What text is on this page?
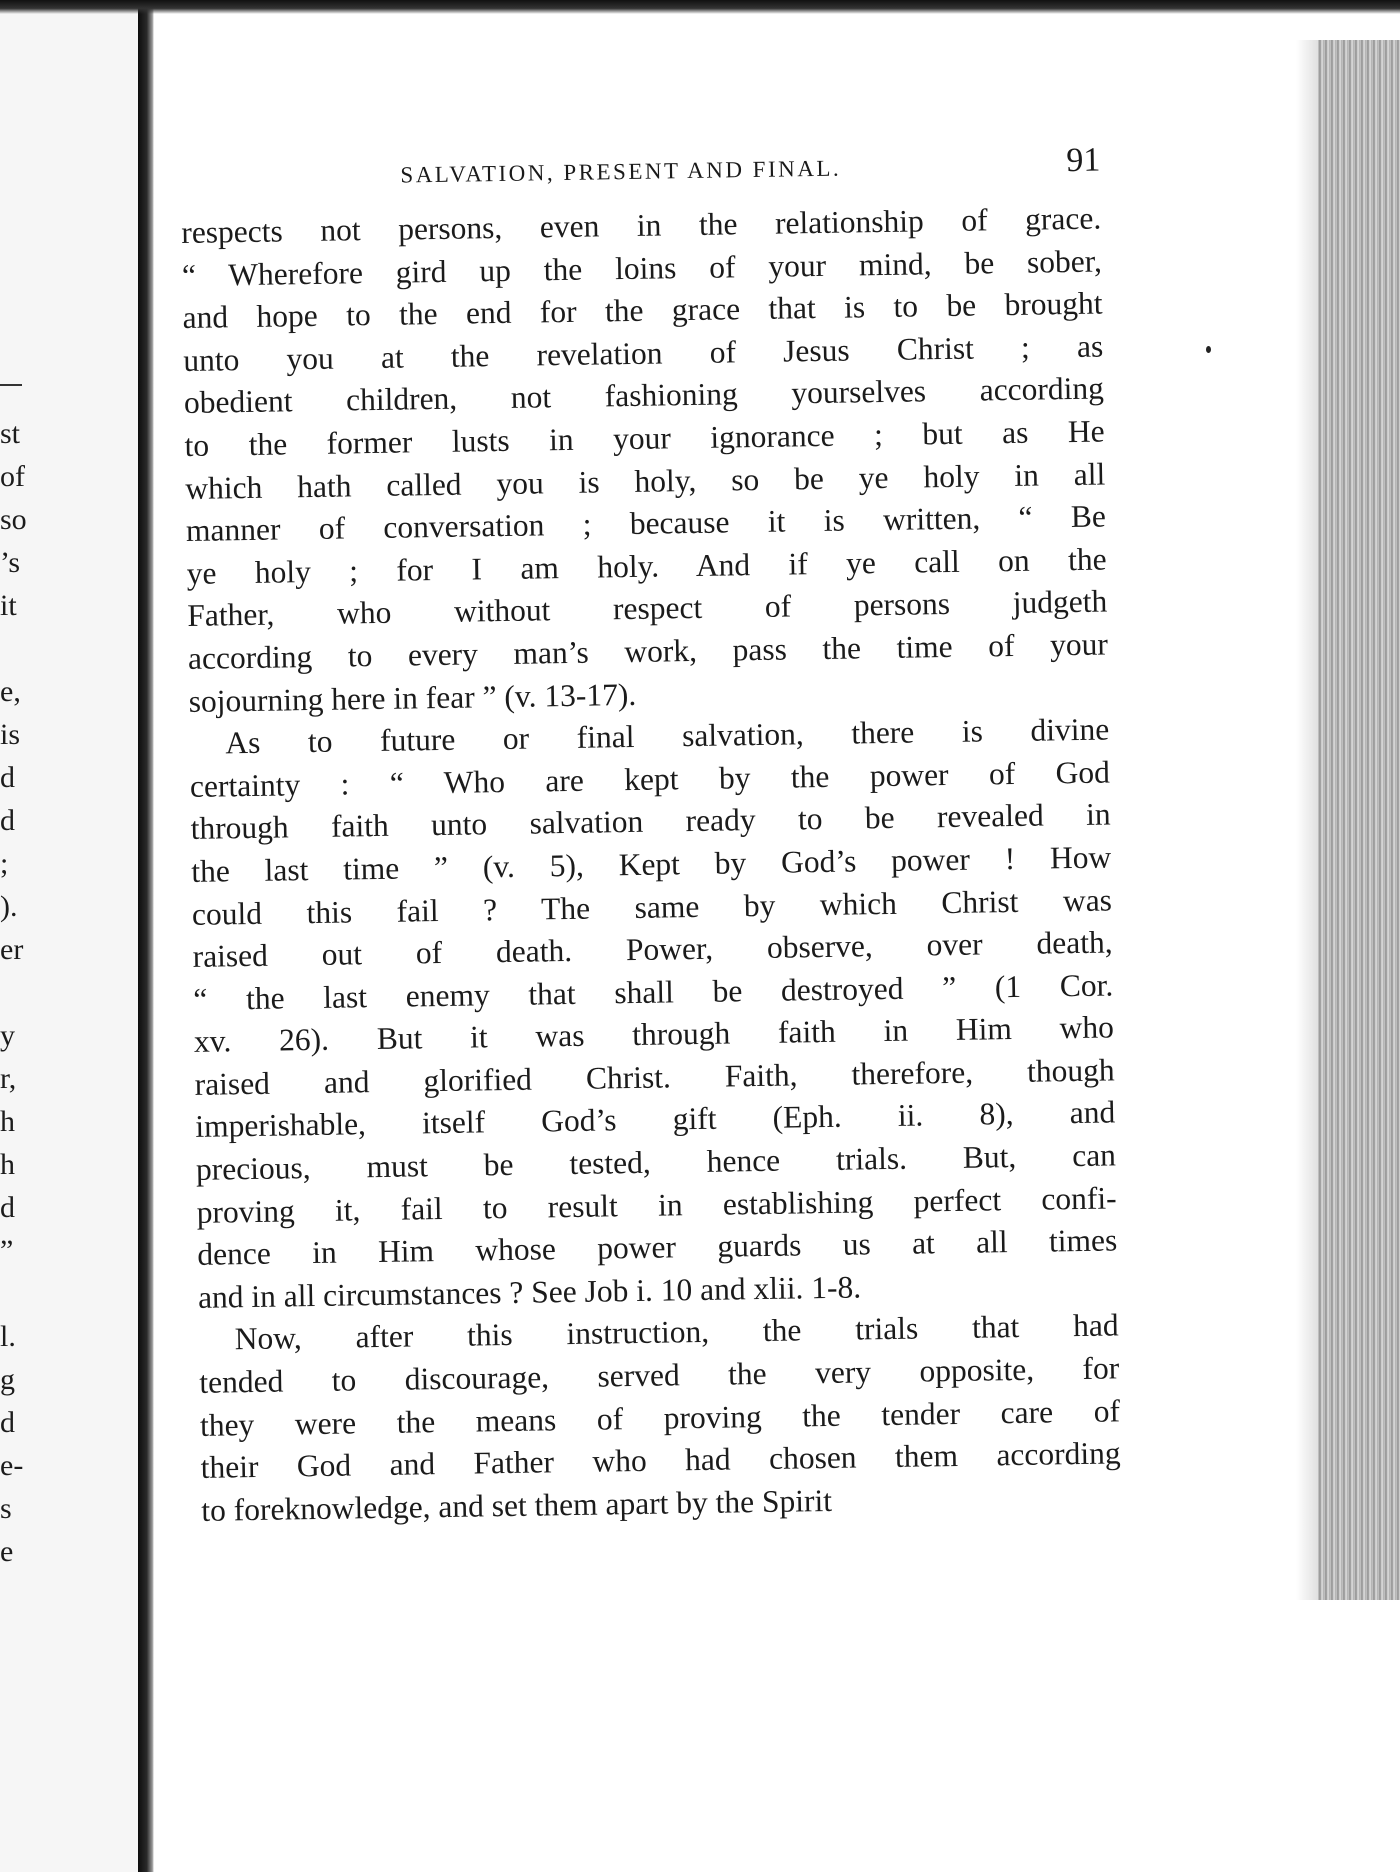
st
of
so
’s
it
e,
is
d
d
;
).
er
y
r,
h
h
d
”
l.
g
d
e-
s
e
SALVATION, PRESENT AND FINAL.	91
respects not persons, even in the relationship of grace.
“ Wherefore gird up the loins of your mind, be sober,
and hope to the end for the grace that is to be brought
unto you at the revelation of Jesus Christ ; as
obedient children, not fashioning yourselves according
to the former lusts in your ignorance ; but as He
which hath called you is holy, so be ye holy in all
manner of conversation ; because it is written, “ Be
ye holy ; for I am holy. And if ye call on the
Father, who without respect of persons judgeth
according to every man’s work, pass the time of your
sojourning here in fear ” (v. 13-17).
As to future or final salvation, there is divine
certainty : “ Who are kept by the power of God
through faith unto salvation ready to be revealed in
the last time ” (v. 5), Kept by God’s power ! How
could this fail ? The same by which Christ was
raised out of death. Power, observe, over death,
“ the last enemy that shall be destroyed ” (1 Cor.
xv. 26). But it was through faith in Him who
raised and glorified Christ. Faith, therefore, though
imperishable, itself God’s gift (Eph. ii. 8), and
precious, must be tested, hence trials. But, can
proving it, fail to result in establishing perfect confi-
dence in Him whose power guards us at all times
and in all circumstances ? See Job i. 10 and xlii. 1-8.
Now, after this instruction, the trials that had
tended to discourage, served the very opposite, for
they were the means of proving the tender care of
their God and Father who had chosen them according
to foreknowledge, and set them apart by the Spirit
